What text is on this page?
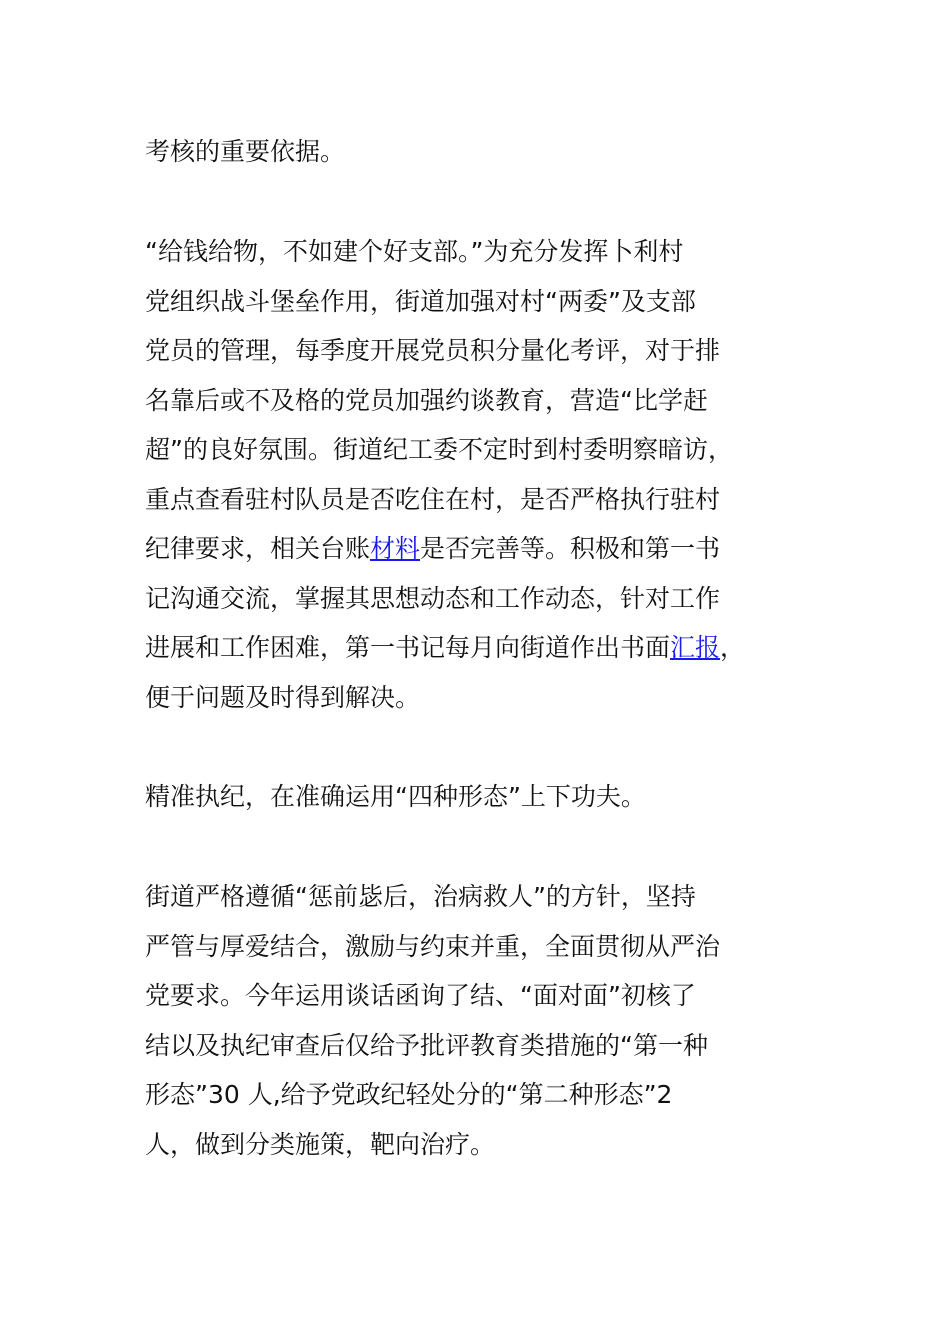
考核的重要依据。

“给钱给物，不如建个好支部。”为充分发挥卜利村
党组织战斗堡垒作用，街道加强对村“两委”及支部
党员的管理，每季度开展党员积分量化考评，对于排
名靠后或不及格的党员加强约谈教育，营造“比学赶
超”的良好氛围。街道纪工委不定时到村委明察暗访，
重点查看驻村队员是否吃住在村，是否严格执行驻村
纪律要求，相关台账材料是否完善等。积极和第一书
记沟通交流，掌握其思想动态和工作动态，针对工作
进展和工作困难，第一书记每月向街道作出书面汇报，
便于问题及时得到解决。

精准执纪，在准确运用“四种形态”上下功夫。

街道严格遵循“惩前毖后，治病救人”的方针，坚持
严管与厚爱结合，激励与约束并重，全面贯彻从严治
党要求。今年运用谈话函询了结、“面对面”初核了
结以及执纪审查后仅给予批评教育类措施的“第一种
形态”30 人,给予党政纪轻处分的“第二种形态”2
人，做到分类施策，靶向治疗。
